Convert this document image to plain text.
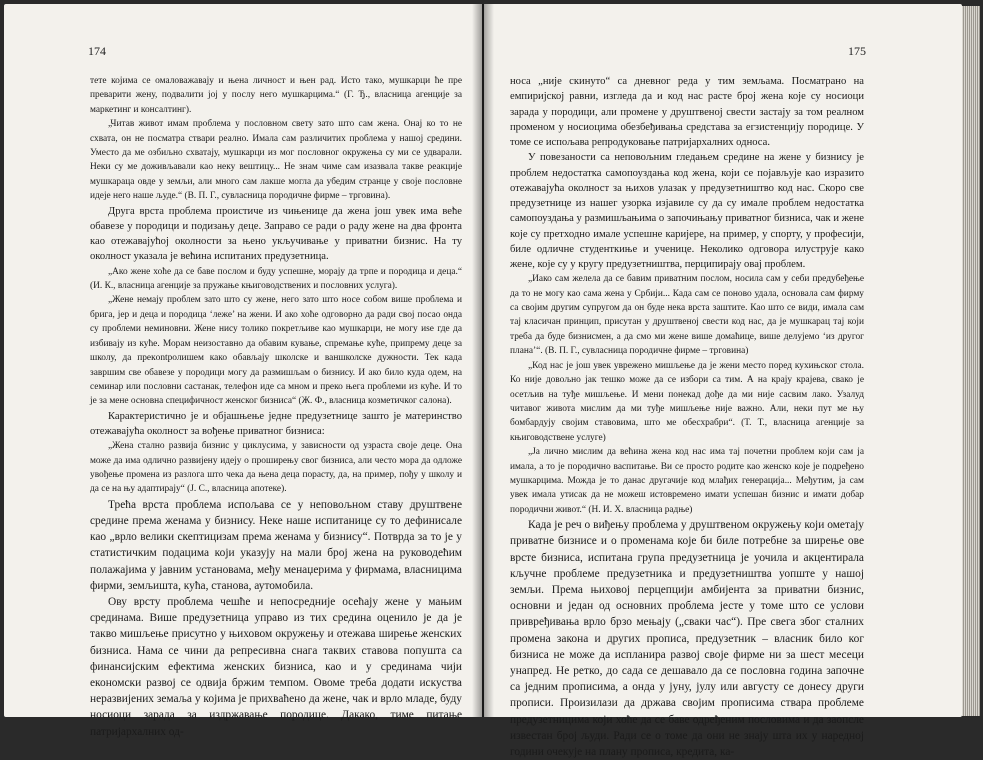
174

тете којима се омаловажавају и њена личност и њен рад. Исто тако, мушкарци ће пре преварити жену, подвалити јој у послу него мушкарцима.“ (Г. Ђ., власница агенције за маркетинг и консалтинг).

„Читав живот имам проблема у пословном свету зато што сам жена. Онај ко то не схвата, он не посматра ствари реално. Имала сам различитих проблема у нашој средини. Уместо да ме озбиљно схватају, мушкарци из мог пословног окружења су ми се удварали. Неки су ме доживљавали као неку вештицу... Не знам чиме сам изазвала такве реакције мушкараца овде у земљи, али много сам лакше могла да убедим странце у своје пословне идеје него наше људе.“ (В. П. Г., сувласница породичне фирме – трговина).

Друга врста проблема проистиче из чињенице да жена још увек има веће обавезе у породици и подизању деце. Заправо се ради о раду жене на два фронта као отежавајућој околности за њено укључивање у приватни бизнис. На ту околност указала је већина испитаних предузетница.

„Ако жене хоће да се баве послом и буду успешне, морају да трпе и породица и деца.“ (И. К., власница агенције за пружање књиговодствених и пословних услуга).

„Жене немају проблем зато што су жене, него зато што носе собом више проблема и брига, јер и деца и породица ‘леже’ на жени. И ако хоће одговорно да ради свој посао онда су проблеми неминовни. Жене нису толико покретљиве као мушкарци, не могу иѕе где да избивају из куће. Морам неизоставно да обавим кување, спремање куће, припрему деце за школу, да прекontролишем како обављају школске и ваншколске дужности. Тек када завршим све обавезе у породици могу да размишљам о бизнису. И ако било куда одем, на семинар или пословни састанак, телефон иде са мном и преко њега проблеми из куће. И то је за мене основна специфичност женског бизниса“ (Ж. Ф., власница козметичког салона).

Карактеристично је и објашњење једне предузетнице зашто је материнство отежавајућа околност за вођење приватног бизниса:

„Жена стално развија бизнис у циклусима, у зависности од узраста своје деце. Она може да има одлично развијену идеју о проширењу свог бизниса, али често мора да одложе увођење промена из разлога што чека да њена деца порасту, да, на пример, пођу у школу и да се на њу адаптирају“ (Ј. С., власница апотеке).

Трећа врста проблема испољава се у неповољном ставу друштвене средине према женама у бизнису. Неке наше испитанице су то дефинисале као „врло велики скептицизам према женама у бизнису“. Потврда за то је у статистичким подацима који указују на мали број жена на руководећим полажајима у јавним установама, међу менаџерима у фирмама, власницима фирми, земљишта, кућа, станова, аутомобила.

Ову врсту проблема чешће и непосредније осећају жене у мањим срединама. Више предузетница управо из тих средина оценило је да је такво мишљење присутно у њиховом окружењу и отежава ширење женских бизниса. Нама се чини да репресивна снага таквих ставова попушта са финансијским ефектима женских бизниса, као и у срединама чији економски развој се одвија бржим темпом. Овоме треба додати искуства неразвијених земаља у којима је прихваћено да жене, чак и врло младе, буду носиоци зарада за издржавање породице. Дакако, тиме питање патријархалних од-

175

носа „није скинуто“ са дневног реда у тим земљама. Посматрано на емпиријској равни, изгледа да и код нас расте број жена које су носиоци зарада у породици, али промене у друштвеној свести застају за том реалном променом у носиоцима обезбеђивања средстава за егзистенцију породице. У томе се испољава репродуковање патријархалних односа.

У повезаности са неповољним гледањем средине на жене у бизнису је проблем недостатка самопоуздања код жена, који се појављује као изразито отежавајућа околност за њихов улазак у предузетништво код нас. Скоро све предузетнице из нашег узорка изјавиле су да су имале проблем недостатка самопоуздања у размишљањима о започињању приватног бизниса, чак и жене које су претходно имале успешне каријере, на пример, у спорту, у професији, биле одличне студенткиње и ученице. Неколико одговора илуструје како жене, које су у кругу предузетништва, перципирају овај проблем.

„Иако сам желела да се бавим приватним послом, носила сам у себи предубеђење да то не могу као сама жена у Србији... Када сам се поново удала, основала сам фирму са својим другим супругом да он буде нека врста заштите. Као што се види, имала сам тај класичан принцип, присутан у друштвеној свести код нас, да је мушкарац тај који треба да буде бизнисмен, а да смо ми жене више домаћице, више делујемо ‘из другог плана’“. (В. П. Г., сувласница породичне фирме – трговина)

„Код нас је још увек уврежено мишљење да је жени место поред кухињског стола. Ко није довољно јак тешко може да се избори са тим. А на крају крајева, свако је осетљив на туђе мишљење. И мени понекад дође да ми није сасвим лако. Узалуд читавог живота мислим да ми туђе мишљење није важно. Али, неки пут ме њу бомбардују својим ставовима, што ме обесхрабри“. (Т. Т., власница агенције за књиговодствене услуге)

„Ја лично мислим да већина жена код нас има тај почетни проблем који сам ја имала, а то је породично васпитање. Ви се просто родите као женско које је подређено мушкарцима. Можда је то данас другачије код млађих генерација... Међутим, ја сам увек имала утисак да не можеш истовремено имати успешан бизнис и имати добар породични живот.“ (Н. И. Х. власница радње)

Када је реч о виђењу проблема у друштвеном окружењу који ометају приватне бизнисе и о променама које би биле потребне за ширење ове врсте бизниса, испитана група предузетница је уочила и акцентирала кључне проблеме предузетника и предузетништва уопште у нашој земљи. Према њиховој перцепцији амбијента за приватни бизнис, основни и један од основних проблема јесте у томе што се услови привређивања врло брзо мењају („сваки час“). Пре свега због сталних промена закона и других прописа, предузетник – власник било ког бизниса не може да испланира развој своје фирме ни за шест месеци унапред. Не ретко, до сада се дешавало да се пословна година започне са једним прописима, а онда у јуну, јулу или августу се донесу други прописи. Произилази да држава својим прописима ствара проблеме предузетницима који хоће да се баве одређеним пословима и да заопсле известан број људи. Ради се о томе да они не знају шта их у наредној години очекује на плану прописа, кредита, ка-
